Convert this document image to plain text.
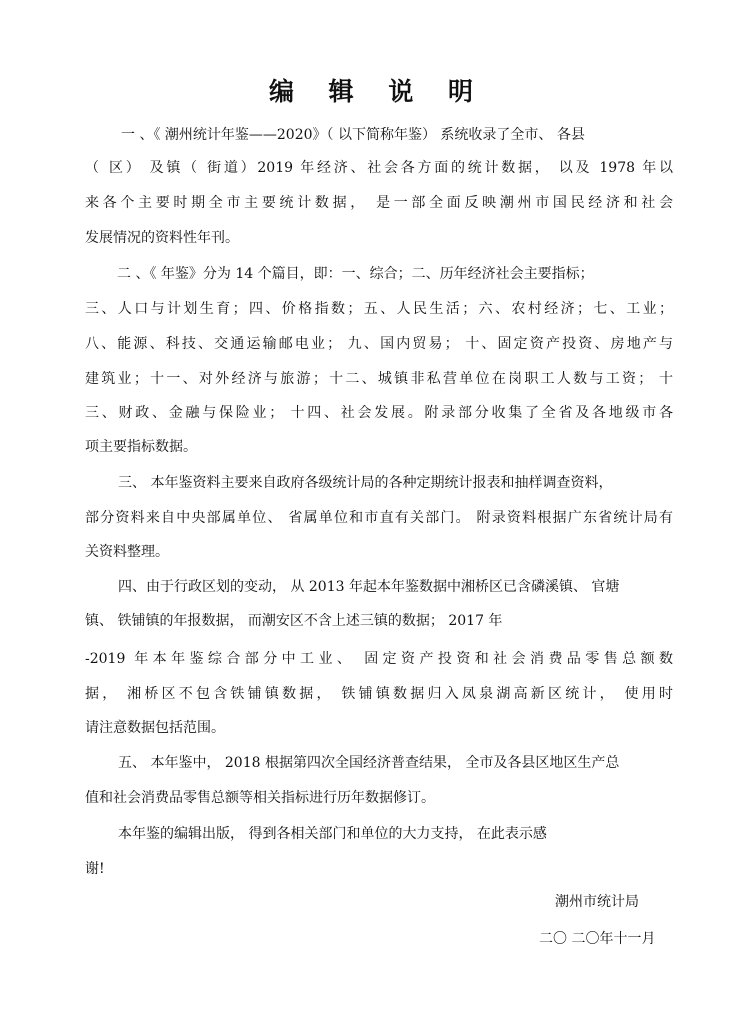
编 辑 说 明

一 、《 潮州统计年鉴——2020》（ 以下简称年鉴） 系统收录了全市、 各县

（ 区） 及镇（ 街道）2019 年经济、社会各方面的统计数据， 以及 1978 年以

来各个主要时期全市主要统计数据， 是一部全面反映潮州市国民经济和社会

发展情况的资料性年刊。

二 、《 年鉴》分为 14 个篇目，即：一、综合；二、历年经济社会主要指标；

三、人口与计划生育；四、价格指数；五、人民生活；六、农村经济；七、工业；

八、能源、科技、交通运输邮电业； 九、国内贸易； 十、固定资产投资、房地产与

建筑业；十一、对外经济与旅游；十二、城镇非私营单位在岗职工人数与工资； 十

三、财政、金融与保险业； 十四、社会发展。附录部分收集了全省及各地级市各

项主要指标数据。

三、 本年鉴资料主要来自政府各级统计局的各种定期统计报表和抽样调查资料，

部分资料来自中央部属单位、 省属单位和市直有关部门。 附录资料根据广东省统计局有

关资料整理。

四、由于行政区划的变动， 从 2013 年起本年鉴数据中湘桥区已含磷溪镇、 官塘

镇、 铁铺镇的年报数据， 而潮安区不含上述三镇的数据； 2017 年

-2019 年本年鉴综合部分中工业、 固定资产投资和社会消费品零售总额数

据， 湘桥区不包含铁铺镇数据， 铁铺镇数据归入凤泉湖高新区统计， 使用时

请注意数据包括范围。

五、 本年鉴中， 2018 根据第四次全国经济普查结果， 全市及各县区地区生产总

值和社会消费品零售总额等相关指标进行历年数据修订。

本年鉴的编辑出版， 得到各相关部门和单位的大力支持， 在此表示感

谢!

潮州市统计局

二〇 二〇年十一月
